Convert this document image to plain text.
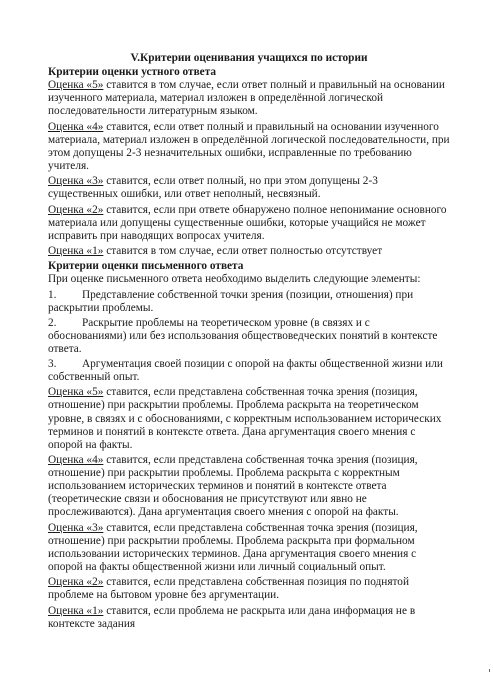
V.Критерии оценивания учащихся по истории
Критерии оценки устного ответа
Оценка «5» ставится в том случае, если ответ полный и правильный на основании изученного материала, материал изложен в определённой логической последовательности литературным языком.
Оценка «4» ставится, если ответ полный и правильный на основании изученного материала, материал изложен в определённой логической последовательности, при этом допущены 2-3 незначительных ошибки, исправленные по требованию учителя.
Оценка «3» ставится, если ответ полный, но при этом допущены 2-3 существенных ошибки, или ответ неполный, несвязный.
Оценка «2» ставится, если при ответе обнаружено полное непонимание основного материала или допущены существенные ошибки, которые учащийся не может исправить при наводящих вопросах учителя.
Оценка «1» ставится в том случае, если ответ полностью отсутствует
Критерии оценки письменного ответа
При оценке письменного ответа необходимо выделить следующие элементы:
1. Представление собственной точки зрения (позиции, отношения) при раскрытии проблемы.
2. Раскрытие проблемы на теоретическом уровне (в связях и с обоснованиями) или без использования обществоведческих понятий в контексте ответа.
3. Аргументация своей позиции с опорой на факты общественной жизни или собственный опыт.
Оценка «5» ставится, если представлена собственная точка зрения (позиция, отношение) при раскрытии проблемы. Проблема раскрыта на теоретическом уровне, в связях и с обоснованиями, с корректным использованием исторических терминов и понятий в контексте ответа. Дана аргументация своего мнения с опорой на факты.
Оценка «4» ставится, если представлена собственная точка зрения (позиция, отношение) при раскрытии проблемы. Проблема раскрыта с корректным использованием исторических терминов и понятий в контексте ответа (теоретические связи и обоснования не присутствуют или явно не прослеживаются). Дана аргументация своего мнения с опорой на факты.
Оценка «3» ставится, если представлена собственная точка зрения (позиция, отношение) при раскрытии проблемы. Проблема раскрыта при формальном использовании исторических терминов. Дана аргументация своего мнения с опорой на факты общественной жизни или личный социальный опыт.
Оценка «2» ставится, если представлена собственная позиция по поднятой проблеме на бытовом уровне без аргументации.
Оценка «1» ставится, если проблема не раскрыта или дана информация не в контексте задания
